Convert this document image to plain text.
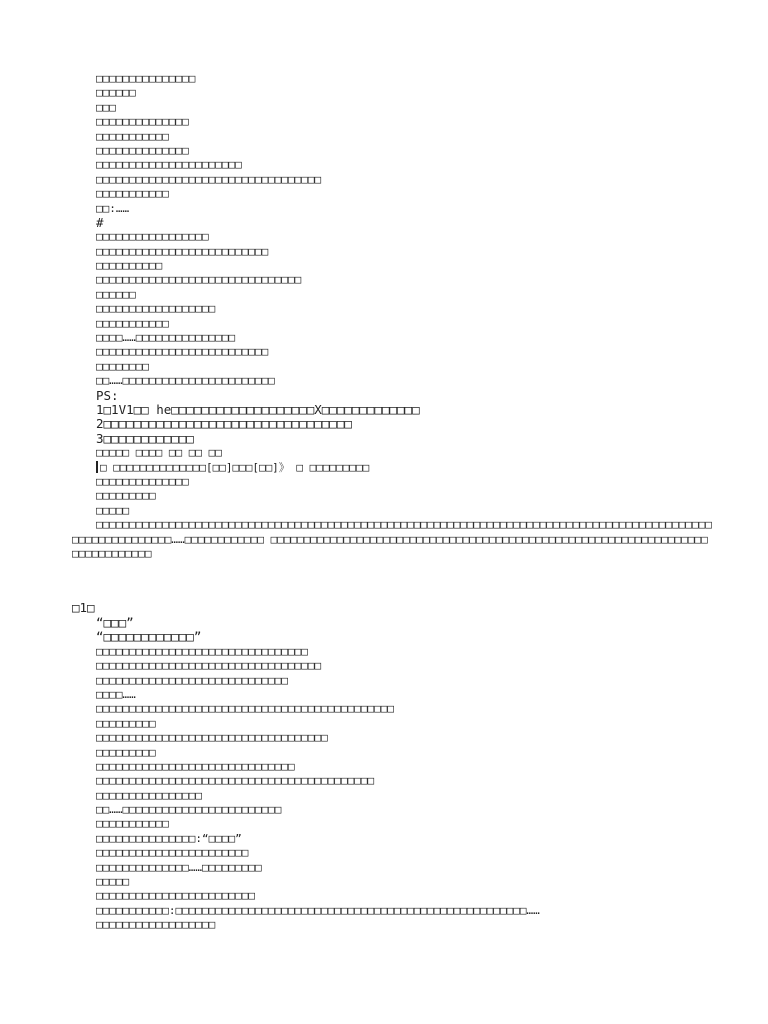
□□□□□□□□□□□□□□□
□□□□□□
□□□
□□□□□□□□□□□□□□
□□□□□□□□□□□
□□□□□□□□□□□□□□
□□□□□□□□□□□□□□□□□□□□□□
□□□□□□□□□□□□□□□□□□□□□□□□□□□□□□□□□□
□□□□□□□□□□□
□□:……
#
□□□□□□□□□□□□□□□□□
□□□□□□□□□□□□□□□□□□□□□□□□□□
□□□□□□□□□□
□□□□□□□□□□□□□□□□□□□□□□□□□□□□□□□
□□□□□□
□□□□□□□□□□□□□□□□□□
□□□□□□□□□□□
□□□□……□□□□□□□□□□□□□□□
□□□□□□□□□□□□□□□□□□□□□□□□□□
□□□□□□□□
□□……□□□□□□□□□□□□□□□□□□□□□□□
PS:
1□1V1□□ he□□□□□□□□□□□□□□□□□□□X□□□□□□□□□□□□□
2□□□□□□□□□□□□□□□□□□□□□□□□□□□□□□□□□
3□□□□□□□□□□□□
□□□□□ □□□□ □□ □□ □□
□ □□□□□□□□□□□□□□[□□]□□□[□□]》 □ □□□□□□□□□
□□□□□□□□□□□□□□
□□□□□□□□□
□□□□□
□□□□□□□□□□□□□□□□□□□□□□□□□□□□□□□□□□□□□□□□□□□□□□□□□□□□□□□□□□□□□□□□□□□□□□□□□□□□□□□□□□□□□□□□□□□□□□□□□□□□□□□□□□□□……□□□□□□□□□□□□ □□□□□□□□□□□□□□□□□□□□□□□□□□□□□□□□□□□□□□□□□□□□□□□□□□□□□□□□□□□□□□□□□□□□□□□□□□□□□□
□1□
“□□□”
“□□□□□□□□□□□□”
□□□□□□□□□□□□□□□□□□□□□□□□□□□□□□□□
□□□□□□□□□□□□□□□□□□□□□□□□□□□□□□□□□□
□□□□□□□□□□□□□□□□□□□□□□□□□□□□□
□□□□……
□□□□□□□□□□□□□□□□□□□□□□□□□□□□□□□□□□□□□□□□□□□□□
□□□□□□□□□
□□□□□□□□□□□□□□□□□□□□□□□□□□□□□□□□□□□
□□□□□□□□□
□□□□□□□□□□□□□□□□□□□□□□□□□□□□□□
□□□□□□□□□□□□□□□□□□□□□□□□□□□□□□□□□□□□□□□□□□
□□□□□□□□□□□□□□□□
□□……□□□□□□□□□□□□□□□□□□□□□□□□
□□□□□□□□□□□
□□□□□□□□□□□□□□□:“□□□□”
□□□□□□□□□□□□□□□□□□□□□□□
□□□□□□□□□□□□□□……□□□□□□□□□
□□□□□
□□□□□□□□□□□□□□□□□□□□□□□□
□□□□□□□□□□□:□□□□□□□□□□□□□□□□□□□□□□□□□□□□□□□□□□□□□□□□□□□□□□□□□□□□□……
□□□□□□□□□□□□□□□□□□
